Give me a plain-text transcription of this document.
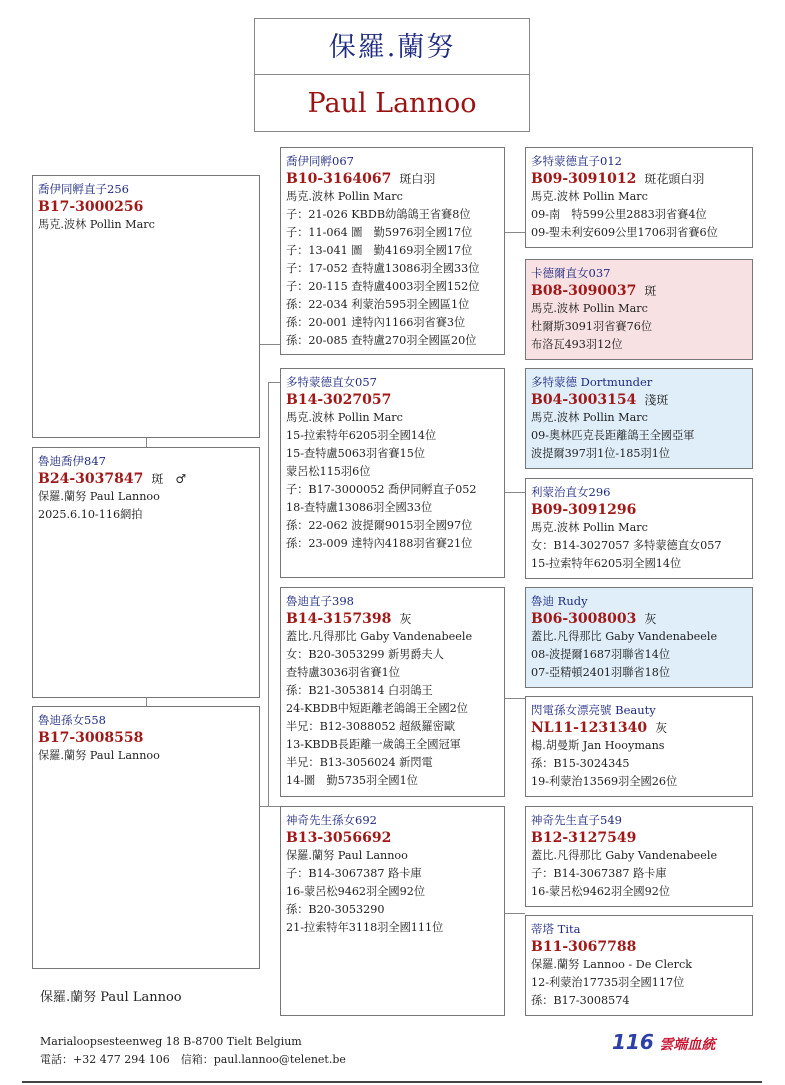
保羅.蘭努
Paul Lannoo
喬伊同孵直子256
B17-3000256
馬克.波林 Pollin Marc
魯迪喬伊847
B24-3037847 斑　♂
保羅.蘭努 Paul Lannoo
2025.6.10-116網拍
魯迪孫女558
B17-3008558
保羅.蘭努 Paul Lannoo
喬伊同孵067
B10-3164067 斑白羽
馬克.波林 Pollin Marc
子：21-026 KBDB幼鴿鴿王省賽8位
子：11-064 圖　勤5976羽全國17位
子：13-041 圖　勤4169羽全國17位
子：17-052 查特盧13086羽全國33位
子：20-115 查特盧4003羽全國152位
孫：22-034 利蒙治595羽全國區1位
孫：20-001 達特內1166羽省賽3位
孫：20-085 查特盧270羽全國區20位
多特蒙德直女057
B14-3027057
馬克.波林 Pollin Marc
15-拉索特年6205羽全國14位
15-查特盧5063羽省賽15位
蒙呂松115羽6位
子：B17-3000052 喬伊同孵直子052
18-查特盧13086羽全國33位
孫：22-062 波提爾9015羽全國97位
孫：23-009 達特內4188羽省賽21位
魯迪直子398
B14-3157398 灰
蓋比.凡得那比 Gaby Vandenabeele
女：B20-3053299 新男爵夫人
查特盧3036羽省賽1位
孫：B21-3053814 白羽鴿王
24-KBDB中短距離老鴿鴿王全國2位
半兄：B12-3088052 超級羅密歐
13-KBDB長距離一歲鴿王全國冠軍
半兄：B13-3056024 新閃電
14-圖　勤5735羽全國1位
神奇先生孫女692
B13-3056692
保羅.蘭努 Paul Lannoo
子：B14-3067387 路卡庫
16-蒙呂松9462羽全國92位
孫：B20-3053290
21-拉索特年3118羽全國111位
多特蒙德直子012
B09-3091012 斑花頭白羽
馬克.波林 Pollin Marc
09-南　特599公里2883羽省賽4位
09-聖未利安609公里1706羽省賽6位
卡德爾直女037
B08-3090037 斑
馬克.波林 Pollin Marc
杜爾斯3091羽省賽76位
布洛瓦493羽12位
多特蒙德 Dortmunder
B04-3003154 淺斑
馬克.波林 Pollin Marc
09-奧林匹克長距離鴿王全國亞軍
波提爾397羽1位-185羽1位
利蒙治直女296
B09-3091296
馬克.波林 Pollin Marc
女：B14-3027057 多特蒙德直女057
15-拉索特年6205羽全國14位
魯迪 Rudy
B06-3008003 灰
蓋比.凡得那比 Gaby Vandenabeele
08-波提爾1687羽聯省14位
07-亞精頓2401羽聯省18位
閃電孫女漂亮號 Beauty
NL11-1231340 灰
楊.胡曼斯 Jan Hooymans
孫：B15-3024345
19-利蒙治13569羽全國26位
神奇先生直子549
B12-3127549
蓋比.凡得那比 Gaby Vandenabeele
子：B14-3067387 路卡庫
16-蒙呂松9462羽全國92位
蒂塔 Tita
B11-3067788
保羅.蘭努 Lannoo - De Clerck
12-利蒙治17735羽全國117位
孫：B17-3008574
保羅.蘭努 Paul Lannoo
Marialoopsesteenweg 18 B-8700 Tielt Belgium
電話：+32 477 294 106　信箱：paul.lannoo@telenet.be
116 雲端血統
